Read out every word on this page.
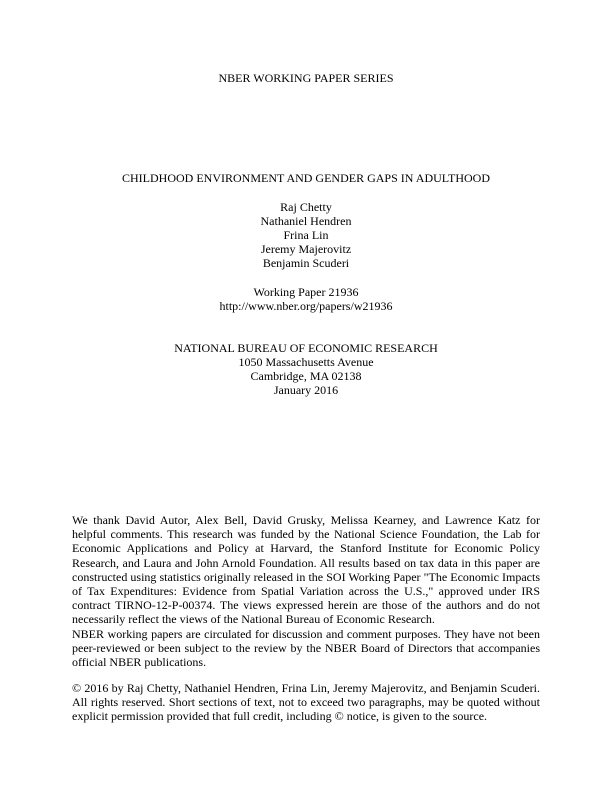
NBER WORKING PAPER SERIES
CHILDHOOD ENVIRONMENT AND GENDER GAPS IN ADULTHOOD
Raj Chetty
Nathaniel Hendren
Frina Lin
Jeremy Majerovitz
Benjamin Scuderi
Working Paper 21936
http://www.nber.org/papers/w21936
NATIONAL BUREAU OF ECONOMIC RESEARCH
1050 Massachusetts Avenue
Cambridge, MA 02138
January 2016
We thank David Autor, Alex Bell, David Grusky, Melissa Kearney, and Lawrence Katz for helpful comments. This research was funded by the National Science Foundation, the Lab for Economic Applications and Policy at Harvard, the Stanford Institute for Economic Policy Research, and Laura and John Arnold Foundation. All results based on tax data in this paper are constructed using statistics originally released in the SOI Working Paper "The Economic Impacts of Tax Expenditures: Evidence from Spatial Variation across the U.S.," approved under IRS contract TIRNO-12-P-00374. The views expressed herein are those of the authors and do not necessarily reflect the views of the National Bureau of Economic Research.
NBER working papers are circulated for discussion and comment purposes. They have not been peer-reviewed or been subject to the review by the NBER Board of Directors that accompanies official NBER publications.
© 2016 by Raj Chetty, Nathaniel Hendren, Frina Lin, Jeremy Majerovitz, and Benjamin Scuderi. All rights reserved. Short sections of text, not to exceed two paragraphs, may be quoted without explicit permission provided that full credit, including © notice, is given to the source.
